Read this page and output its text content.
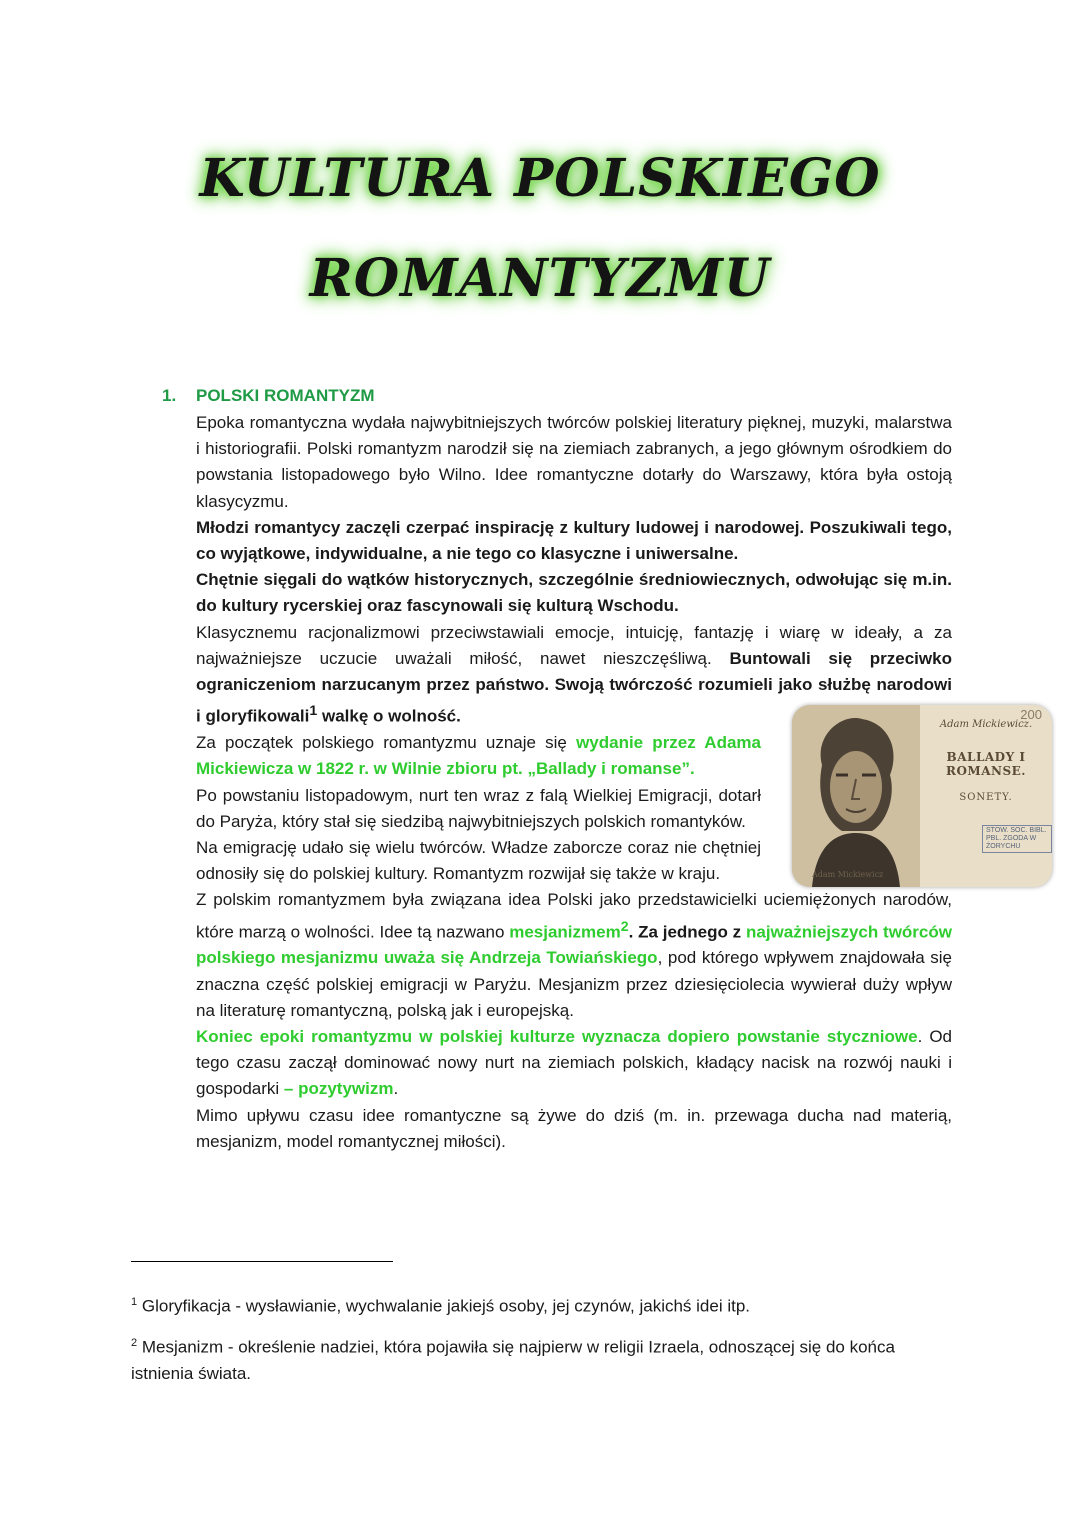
KULTURA POLSKIEGO
ROMANTYZMU
1. POLSKI ROMANTYZM

Epoka romantyczna wydała najwybitniejszych twórców polskiej literatury pięknej, muzyki, malarstwa i historiografii. Polski romantyzm narodził się na ziemiach zabranych, a jego głównym ośrodkiem do powstania listopadowego było Wilno. Idee romantyczne dotarły do Warszawy, która była ostoją klasycyzmu.

Młodzi romantycy zaczęli czerpać inspirację z kultury ludowej i narodowej. Poszukiwali tego, co wyjątkowe, indywidualne, a nie tego co klasyczne i uniwersalne.

Chętnie sięgali do wątków historycznych, szczególnie średniowiecznych, odwołując się m.in. do kultury rycerskiej oraz fascynowali się kulturą Wschodu.

Klasycznemu racjonalizmowi przeciwstawiali emocje, intuicję, fantazję i wiarę w ideały, a za najważniejsze uczucie uważali miłość, nawet nieszczęśliwą. Buntowali się przeciwko ograniczeniom narzucanym przez państwo. Swoją twórczość rozumieli jako służbę narodowi i gloryfikowali$^1$ walkę o wolność.

Za początek polskiego romantyzmu uznaje się wydanie przez Adama Mickiewicza w 1822 r. w Wilnie zbioru pt. „Ballady i romanse”.

Po powstaniu listopadowym, nurt ten wraz z falą Wielkiej Emigracji, dotarł do Paryża, który stał się siedzibą najwybitniejszych polskich romantyków.

Na emigrację udało się wielu twórców. Władze zaborcze coraz nie chętniej odnosiły się do polskiej kultury. Romantyzm rozwijał się także w kraju.

Z polskim romantyzmem była związana idea Polski jako przedstawicielki uciemiężonych narodów, które marzą o wolności. Idee tą nazwano mesjanizmem$^2$. Za jednego z najważniejszych twórców polskiego mesjanizmu uważa się Andrzeja Towiańskiego, pod którego wpływem znajdowała się znaczna część polskiej emigracji w Paryżu. Mesjanizm przez dziesięciolecia wywierał duży wpływ na literaturę romantyczną, polską jak i europejską.

Koniec epoki romantyzmu w polskiej kulturze wyznacza dopiero powstanie styczniowe. Od tego czasu zaczął dominować nowy nurt na ziemiach polskich, kładący nacisk na rozwój nauki i gospodarki – pozytywizm.

Mimo upływu czasu idee romantyczne są żywe do dziś (m. in. przewaga ducha nad materią, mesjanizm, model romantycznej miłości).

Adam Mickiewicz
Adam Mickiewicz.
BALLADY I ROMANSE.
SONETY.
200
STOW. SOC. BIBL. PBL. ZGODA W ŻORYCHU
$^1$ Gloryfikacja - wysławianie, wychwalanie jakiejś osoby, jej czynów, jakichś idei itp.
$^2$ Mesjanizm - określenie nadziei, która pojawiła się najpierw w religii Izraela, odnoszącej się do końca istnienia świata.
